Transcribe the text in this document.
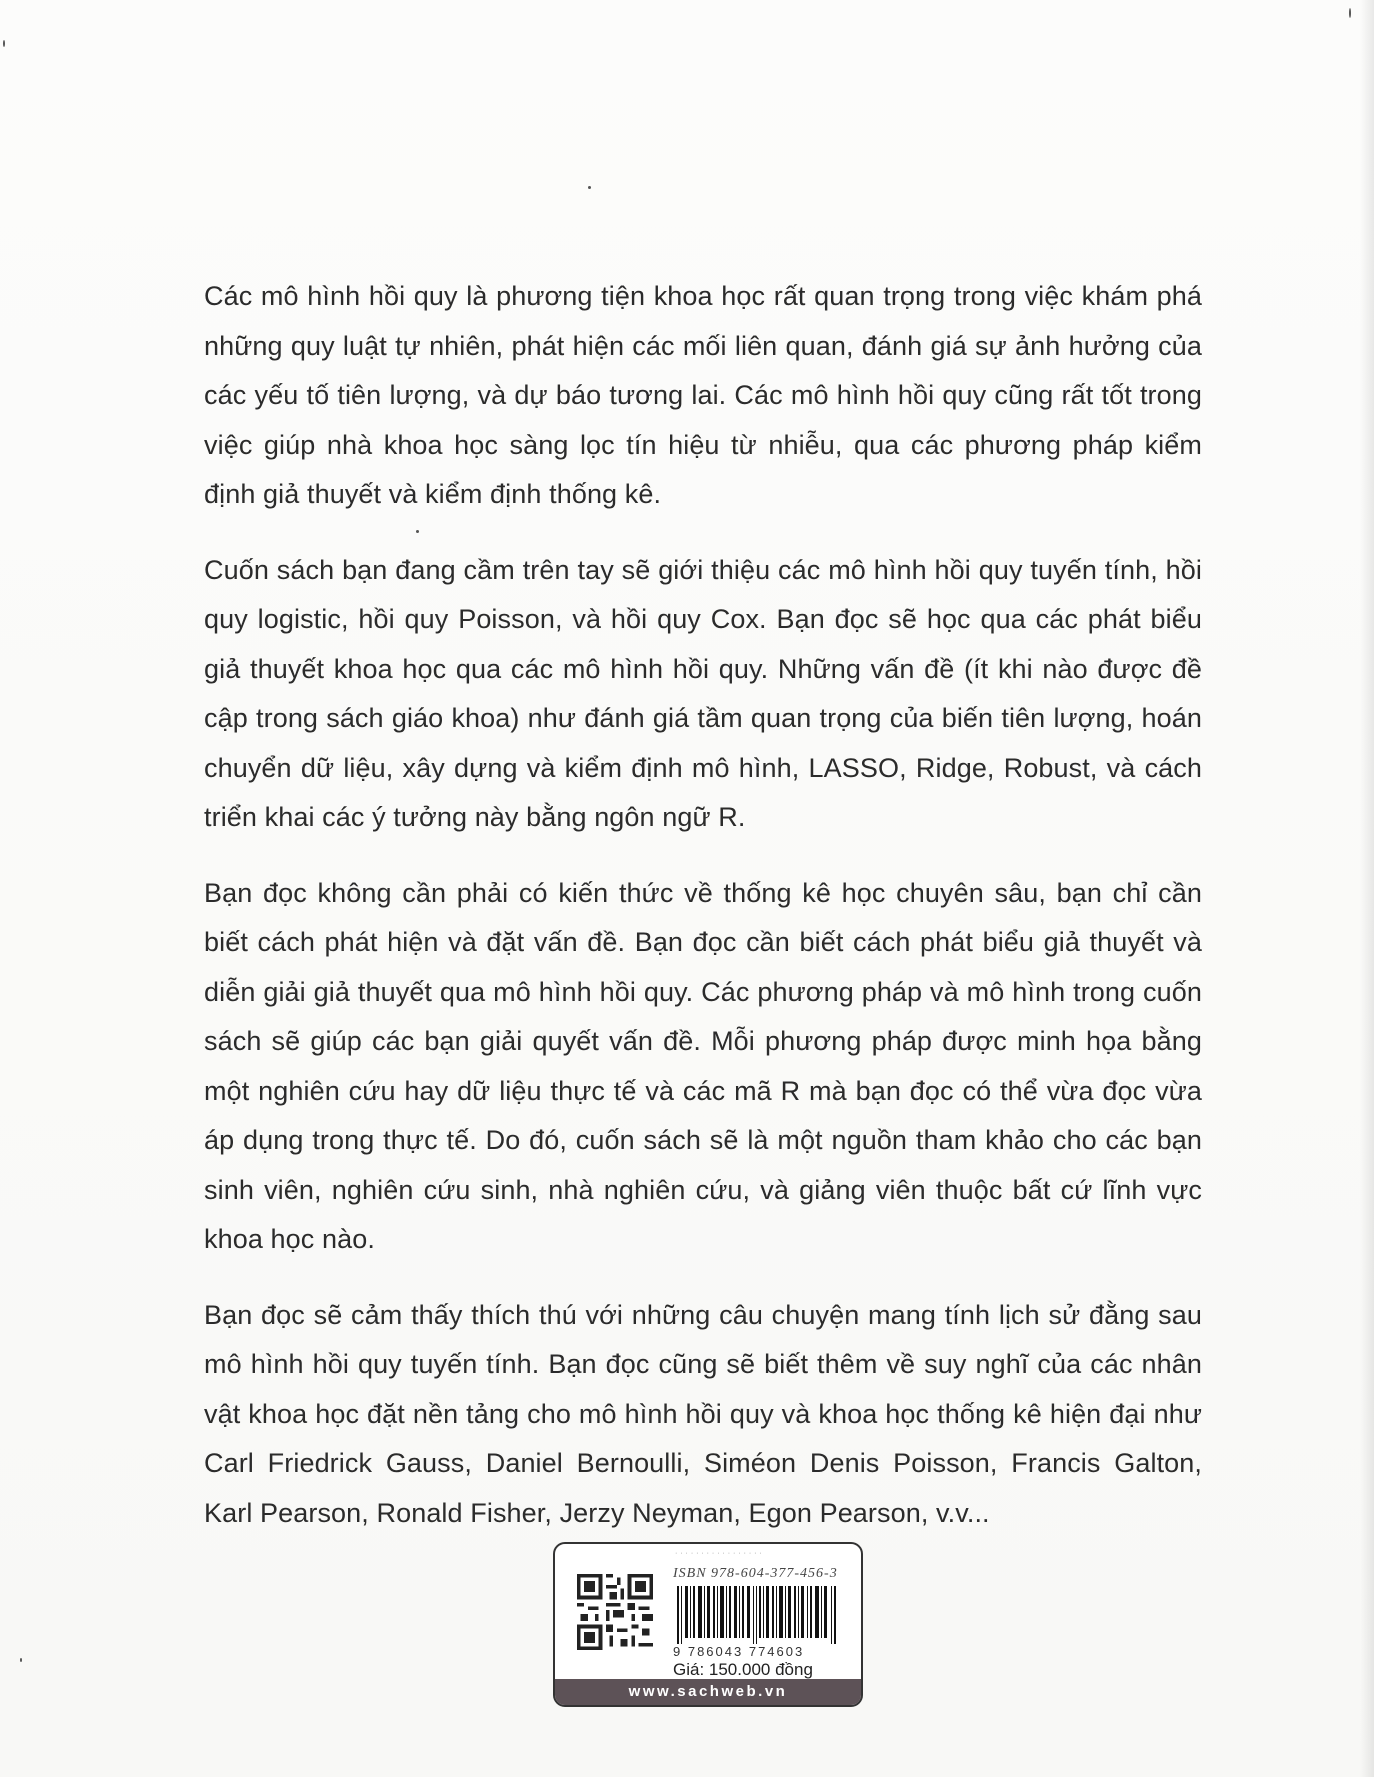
Các mô hình hồi quy là phương tiện khoa học rất quan trọng trong việc khám phá những quy luật tự nhiên, phát hiện các mối liên quan, đánh giá sự ảnh hưởng của các yếu tố tiên lượng, và dự báo tương lai. Các mô hình hồi quy cũng rất tốt trong việc giúp nhà khoa học sàng lọc tín hiệu từ nhiễu, qua các phương pháp kiểm định giả thuyết và kiểm định thống kê.

Cuốn sách bạn đang cầm trên tay sẽ giới thiệu các mô hình hồi quy tuyến tính, hồi quy logistic, hồi quy Poisson, và hồi quy Cox. Bạn đọc sẽ học qua các phát biểu giả thuyết khoa học qua các mô hình hồi quy. Những vấn đề (ít khi nào được đề cập trong sách giáo khoa) như đánh giá tầm quan trọng của biến tiên lượng, hoán chuyển dữ liệu, xây dựng và kiểm định mô hình, LASSO, Ridge, Robust, và cách triển khai các ý tưởng này bằng ngôn ngữ R.

Bạn đọc không cần phải có kiến thức về thống kê học chuyên sâu, bạn chỉ cần biết cách phát hiện và đặt vấn đề. Bạn đọc cần biết cách phát biểu giả thuyết và diễn giải giả thuyết qua mô hình hồi quy. Các phương pháp và mô hình trong cuốn sách sẽ giúp các bạn giải quyết vấn đề. Mỗi phương pháp được minh họa bằng một nghiên cứu hay dữ liệu thực tế và các mã R mà bạn đọc có thể vừa đọc vừa áp dụng trong thực tế. Do đó, cuốn sách sẽ là một nguồn tham khảo cho các bạn sinh viên, nghiên cứu sinh, nhà nghiên cứu, và giảng viên thuộc bất cứ lĩnh vực khoa học nào.

Bạn đọc sẽ cảm thấy thích thú với những câu chuyện mang tính lịch sử đằng sau mô hình hồi quy tuyến tính. Bạn đọc cũng sẽ biết thêm về suy nghĩ của các nhân vật khoa học đặt nền tảng cho mô hình hồi quy và khoa học thống kê hiện đại như Carl Friedrick Gauss, Daniel Bernoulli, Siméon Denis Poisson, Francis Galton, Karl Pearson, Ronald Fisher, Jerzy Neyman, Egon Pearson, v.v...

· · · · · · · · · · · · · · · · ·
ISBN 978-604-377-456-3
9 786043 774603
Giá: 150.000 đồng
www.sachweb.vn
